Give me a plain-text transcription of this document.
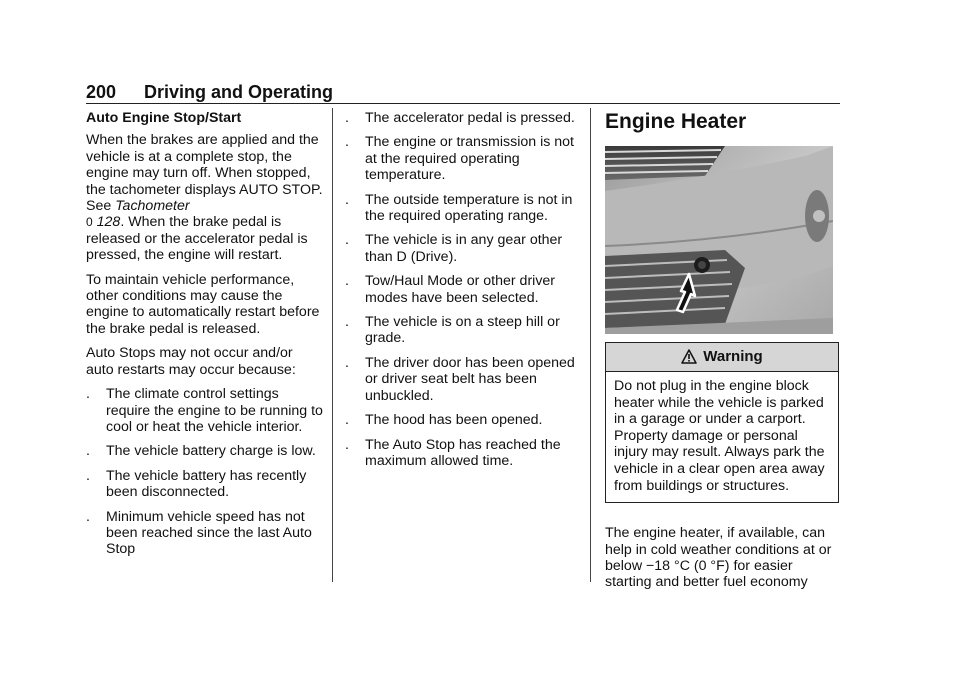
200 Driving and Operating

Auto Engine Stop/Start

When the brakes are applied and the vehicle is at a complete stop, the engine may turn off. When stopped, the tachometer displays AUTO STOP. See Tachometer
0 128. When the brake pedal is released or the accelerator pedal is pressed, the engine will restart.

To maintain vehicle performance, other conditions may cause the engine to automatically restart before the brake pedal is released.

Auto Stops may not occur and/or auto restarts may occur because:

. The climate control settings require the engine to be running to cool or heat the vehicle interior.
. The vehicle battery charge is low.
. The vehicle battery has recently been disconnected.
. Minimum vehicle speed has not been reached since the last Auto Stop
. The accelerator pedal is pressed.
. The engine or transmission is not at the required operating temperature.
. The outside temperature is not in the required operating range.
. The vehicle is in any gear other than D (Drive).
. Tow/Haul Mode or other driver modes have been selected.
. The vehicle is on a steep hill or grade.
. The driver door has been opened or driver seat belt has been unbuckled.
. The hood has been opened.
. The Auto Stop has reached the maximum allowed time.
Engine Heater
Warning
Do not plug in the engine block heater while the vehicle is parked in a garage or under a carport. Property damage or personal injury may result. Always park the vehicle in a clear open area away from buildings or structures.

The engine heater, if available, can help in cold weather conditions at or below −18 °C (0 °F) for easier starting and better fuel economy
